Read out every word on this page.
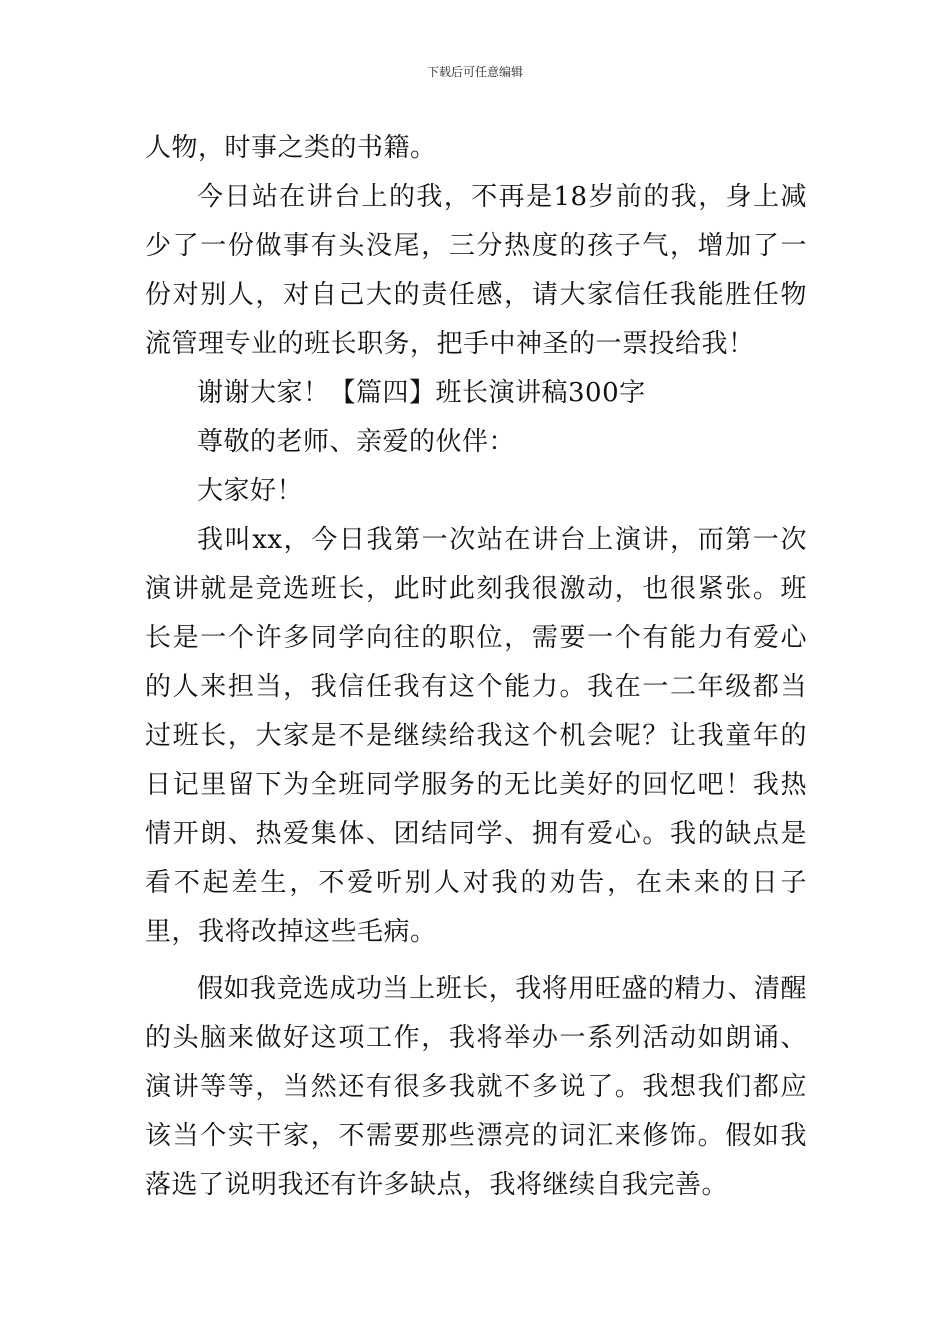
下载后可任意编辑

人物，时事之类的书籍。

今日站在讲台上的我，不再是18岁前的我，身上减少了一份做事有头没尾，三分热度的孩子气，增加了一份对别人，对自己大的责任感，请大家信任我能胜任物流管理专业的班长职务，把手中神圣的一票投给我！

谢谢大家！【篇四】班长演讲稿300字

尊敬的老师、亲爱的伙伴：

大家好！

我叫xx，今日我第一次站在讲台上演讲，而第一次演讲就是竞选班长，此时此刻我很激动，也很紧张。班长是一个许多同学向往的职位，需要一个有能力有爱心的人来担当，我信任我有这个能力。我在一二年级都当过班长，大家是不是继续给我这个机会呢？让我童年的日记里留下为全班同学服务的无比美好的回忆吧！我热情开朗、热爱集体、团结同学、拥有爱心。我的缺点是看不起差生，不爱听别人对我的劝告，在未来的日子里，我将改掉这些毛病。

假如我竞选成功当上班长，我将用旺盛的精力、清醒的头脑来做好这项工作，我将举办一系列活动如朗诵、演讲等等，当然还有很多我就不多说了。我想我们都应该当个实干家，不需要那些漂亮的词汇来修饰。假如我落选了说明我还有许多缺点，我将继续自我完善。
